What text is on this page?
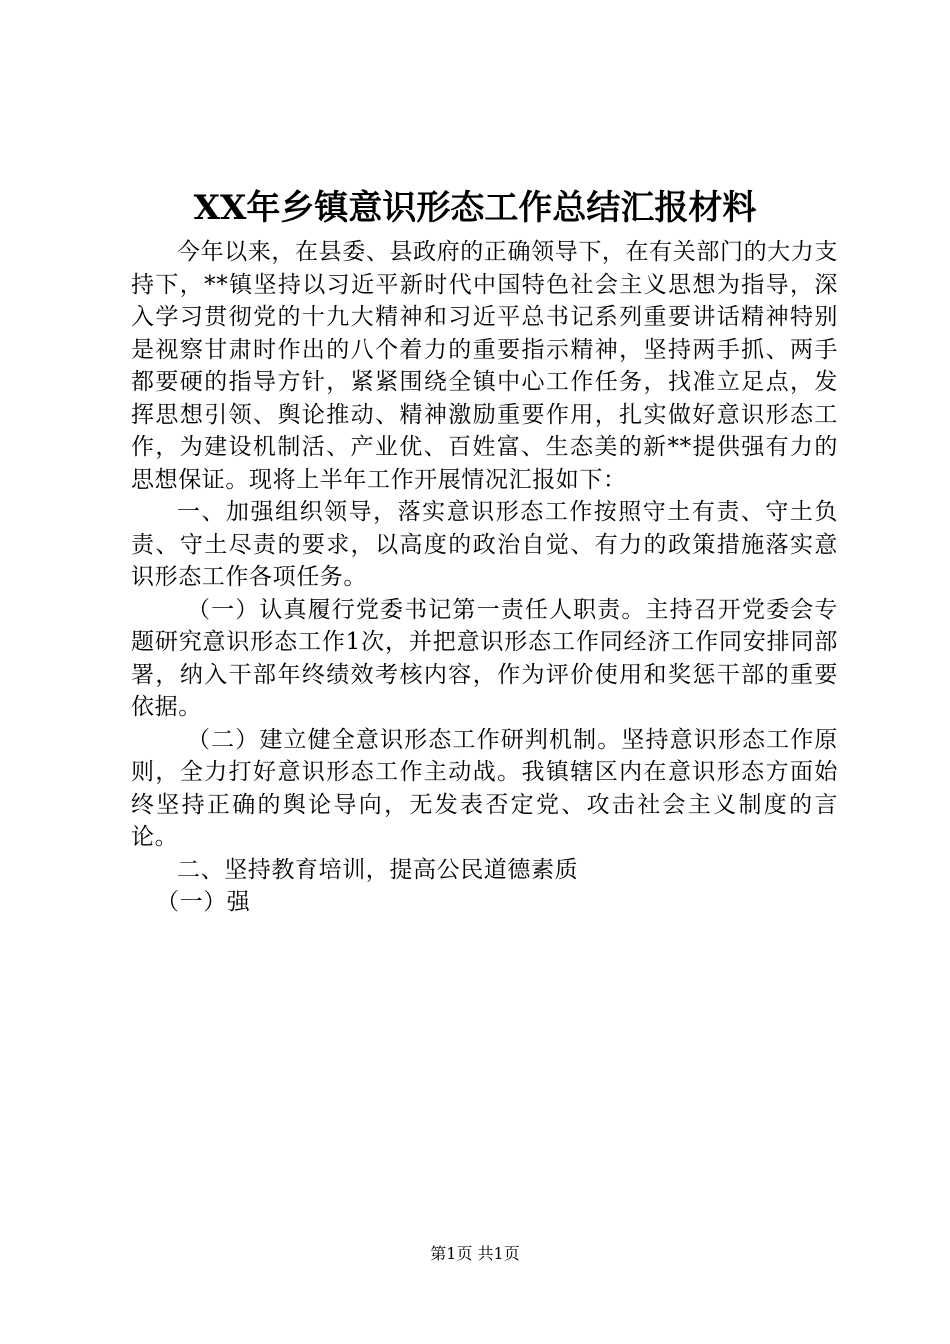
XX年乡镇意识形态工作总结汇报材料

今年以来，在县委、县政府的正确领导下，在有关部门的大力支持下，**镇坚持以习近平新时代中国特色社会主义思想为指导，深入学习贯彻党的十九大精神和习近平总书记系列重要讲话精神特别是视察甘肃时作出的八个着力的重要指示精神，坚持两手抓、两手都要硬的指导方针，紧紧围绕全镇中心工作任务，找准立足点，发挥思想引领、舆论推动、精神激励重要作用，扎实做好意识形态工作，为建设机制活、产业优、百姓富、生态美的新**提供强有力的思想保证。现将上半年工作开展情况汇报如下：

一、加强组织领导，落实意识形态工作按照守土有责、守土负责、守土尽责的要求，以高度的政治自觉、有力的政策措施落实意识形态工作各项任务。

（一）认真履行党委书记第一责任人职责。主持召开党委会专题研究意识形态工作1次，并把意识形态工作同经济工作同安排同部署，纳入干部年终绩效考核内容，作为评价使用和奖惩干部的重要依据。

（二）建立健全意识形态工作研判机制。坚持意识形态工作原则，全力打好意识形态工作主动战。我镇辖区内在意识形态方面始终坚持正确的舆论导向，无发表否定党、攻击社会主义制度的言论。

二、坚持教育培训，提高公民道德素质

（一）强

第1页 共1页
